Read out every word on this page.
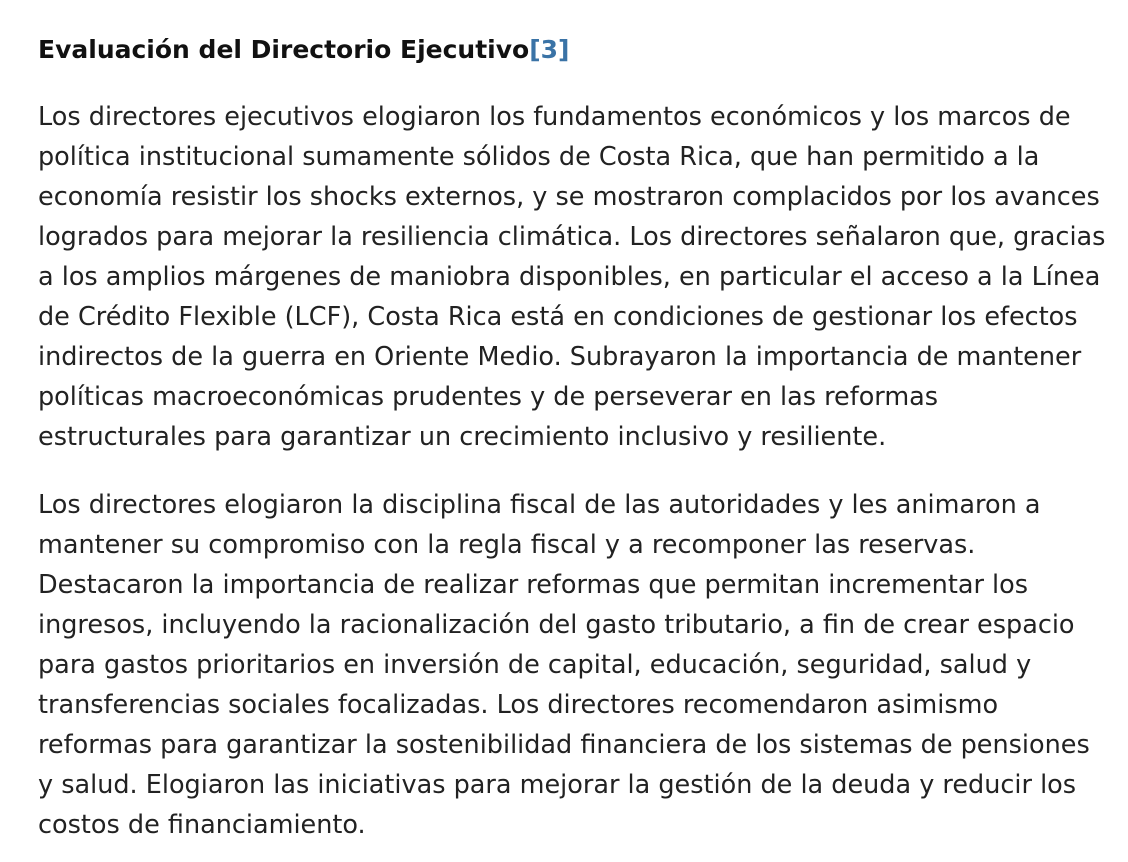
Evaluación del Directorio Ejecutivo[3]

Los directores ejecutivos elogiaron los fundamentos económicos y los marcos de
política institucional sumamente sólidos de Costa Rica, que han permitido a la
economía resistir los shocks externos, y se mostraron complacidos por los avances
logrados para mejorar la resiliencia climática. Los directores señalaron que, gracias
a los amplios márgenes de maniobra disponibles, en particular el acceso a la Línea
de Crédito Flexible (LCF), Costa Rica está en condiciones de gestionar los efectos
indirectos de la guerra en Oriente Medio. Subrayaron la importancia de mantener
políticas macroeconómicas prudentes y de perseverar en las reformas
estructurales para garantizar un crecimiento inclusivo y resiliente.

Los directores elogiaron la disciplina fiscal de las autoridades y les animaron a
mantener su compromiso con la regla fiscal y a recomponer las reservas.
Destacaron la importancia de realizar reformas que permitan incrementar los
ingresos, incluyendo la racionalización del gasto tributario, a fin de crear espacio
para gastos prioritarios en inversión de capital, educación, seguridad, salud y
transferencias sociales focalizadas. Los directores recomendaron asimismo
reformas para garantizar la sostenibilidad financiera de los sistemas de pensiones
y salud. Elogiaron las iniciativas para mejorar la gestión de la deuda y reducir los
costos de financiamiento.
